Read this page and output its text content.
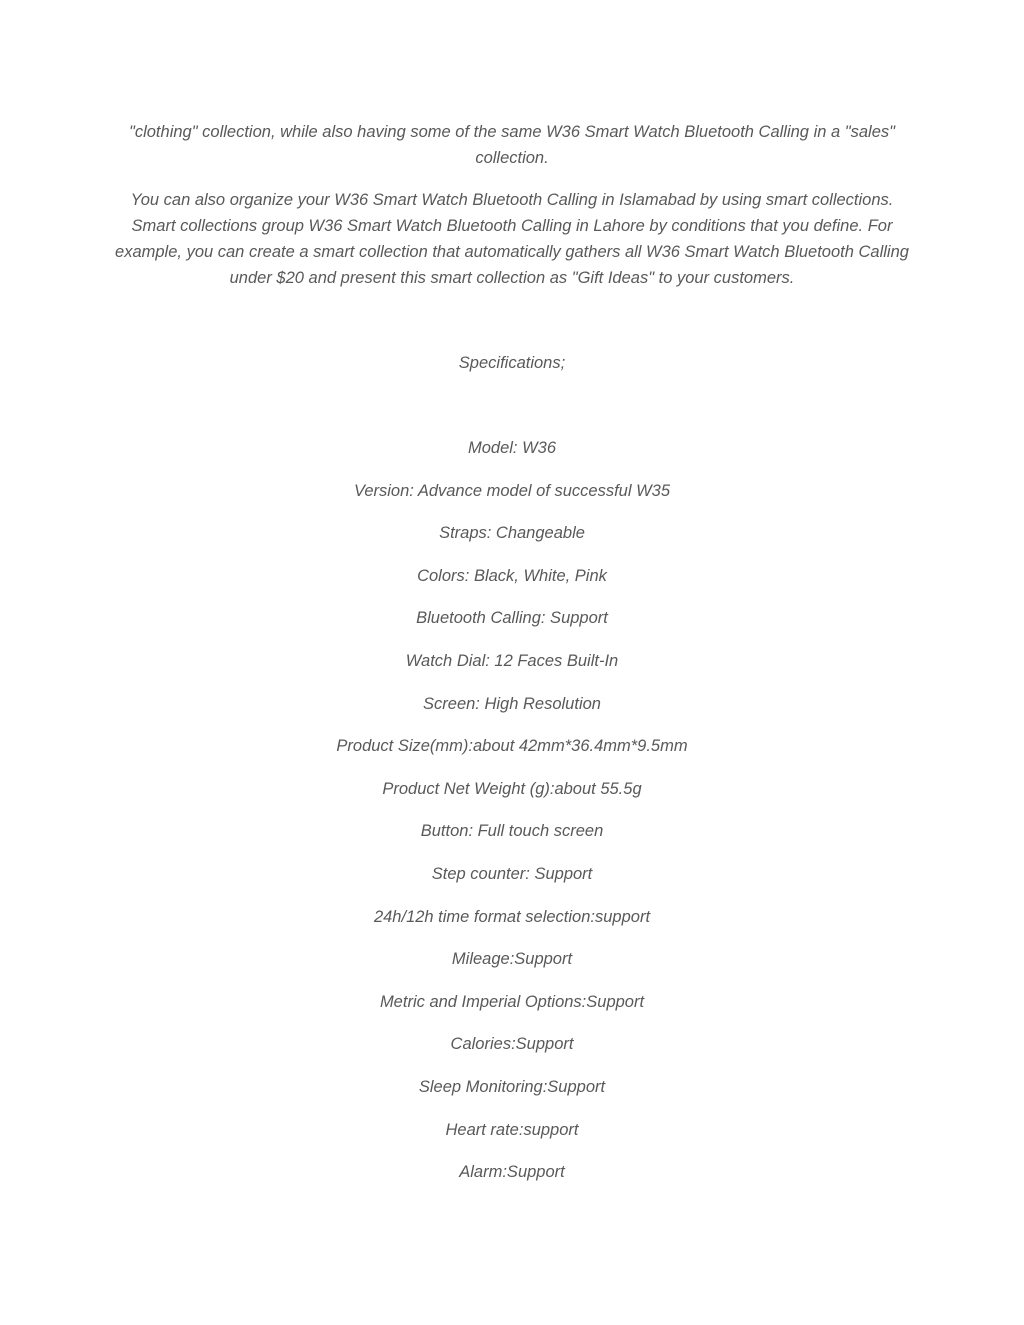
"clothing" collection, while also having some of the same W36 Smart Watch Bluetooth Calling in a "sales" collection.

You can also organize your W36 Smart Watch Bluetooth Calling in Islamabad by using smart collections. Smart collections group W36 Smart Watch Bluetooth Calling in Lahore by conditions that you define. For example, you can create a smart collection that automatically gathers all W36 Smart Watch Bluetooth Calling under $20 and present this smart collection as "Gift Ideas" to your customers.

Specifications;

Model: W36
Version: Advance model of successful W35
Straps: Changeable
Colors: Black, White, Pink
Bluetooth Calling: Support
Watch Dial: 12 Faces Built-In
Screen: High Resolution
Product Size(mm):about 42mm*36.4mm*9.5mm
Product Net Weight (g):about 55.5g
Button: Full touch screen
Step counter: Support
24h/12h time format selection:support
Mileage:Support
Metric and Imperial Options:Support
Calories:Support
Sleep Monitoring:Support
Heart rate:support
Alarm:Support
